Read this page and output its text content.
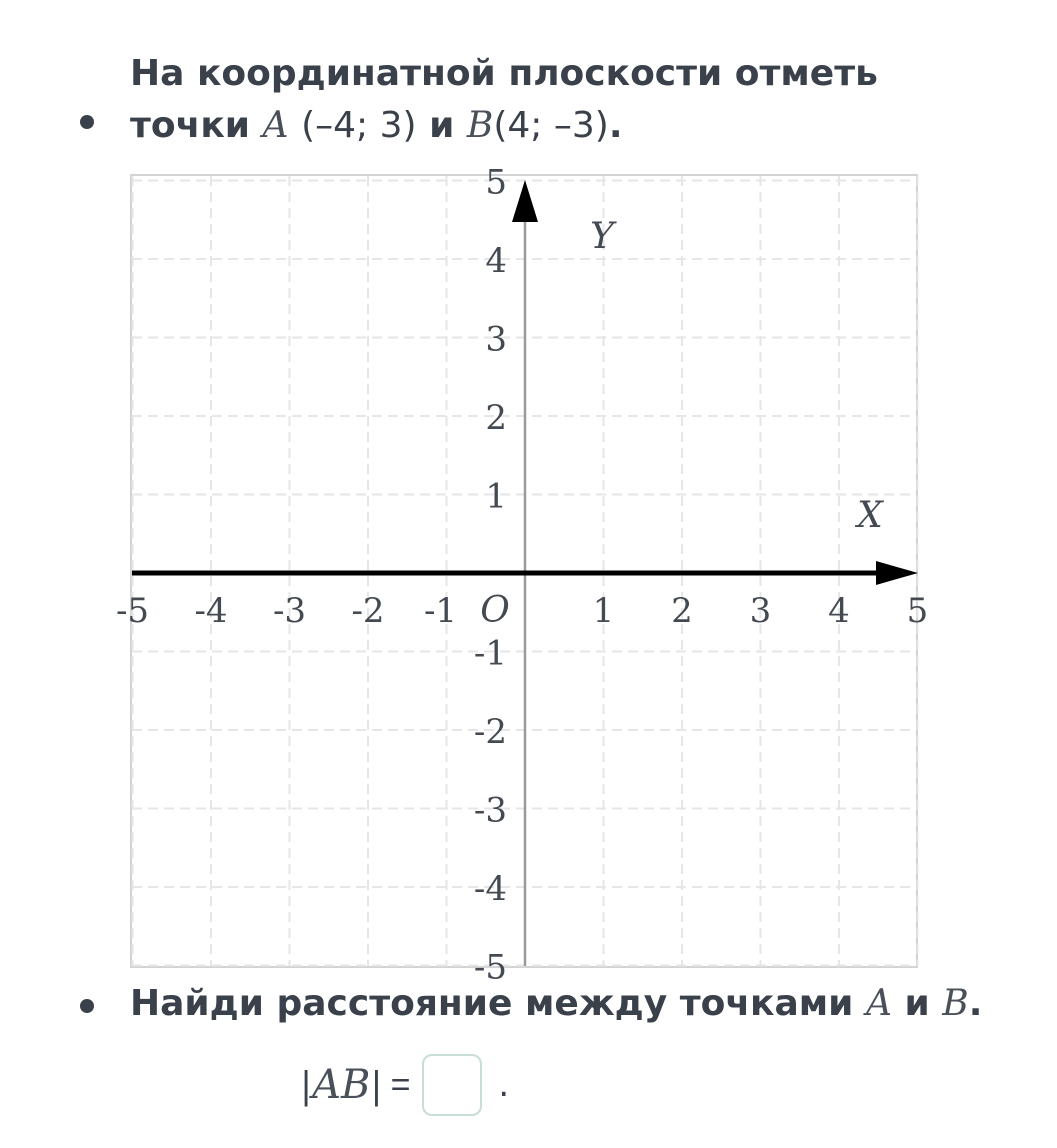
На координатной плоскости отметь
точки A (–4; 3) и B(4; –3).
Y
X
O
-5 -4 -3 -2 -1	1 2 3 4 5
1
2
3
4
5
-1
-2
-3
-4
-5
Найди расстояние между точками A и B.
|AB| =	.
